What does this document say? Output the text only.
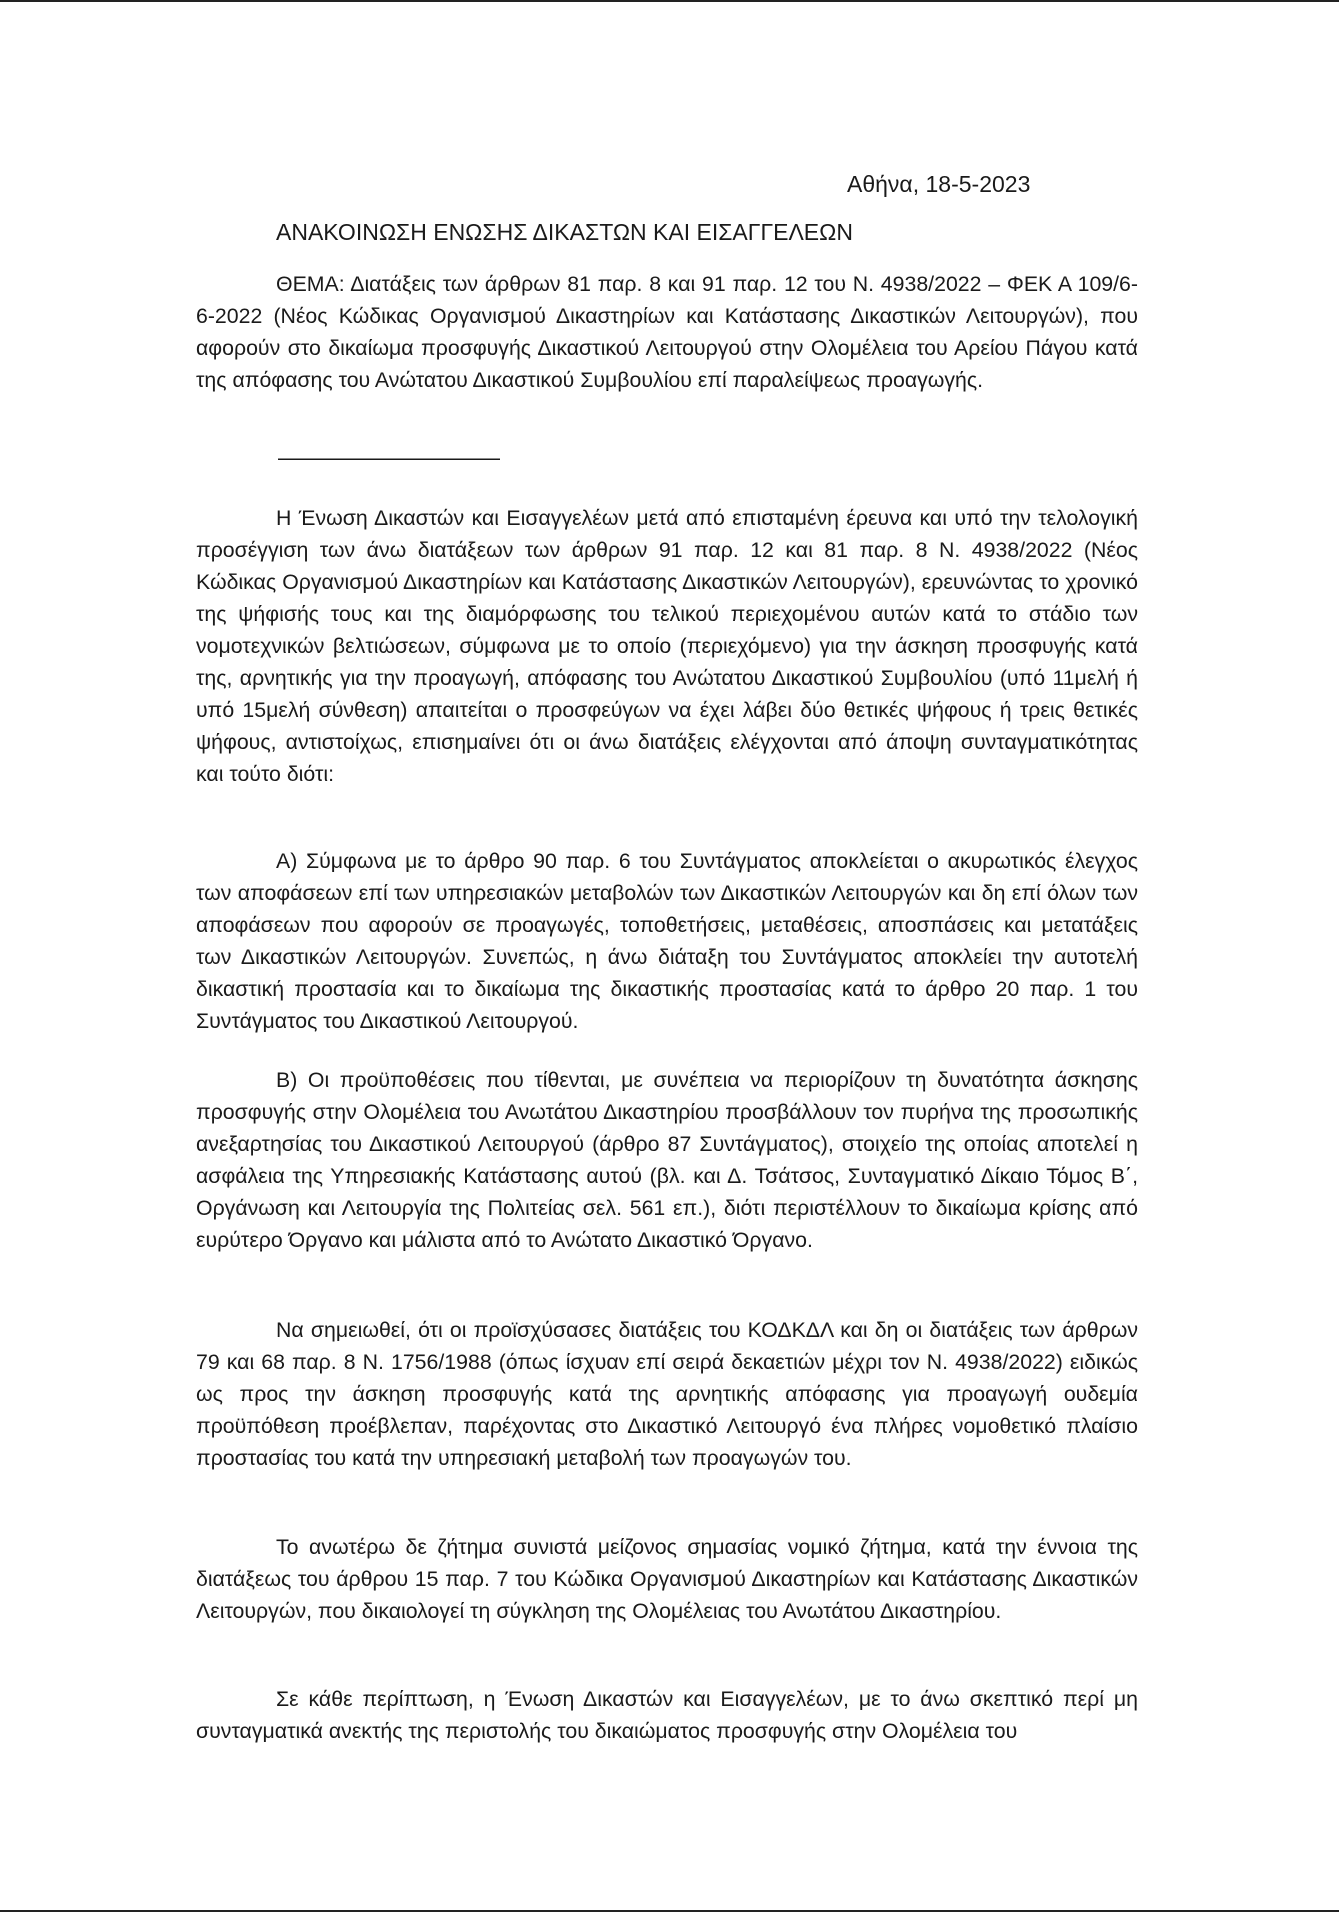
Αθήνα, 18-5-2023
ΑΝΑΚΟΙΝΩΣΗ ΕΝΩΣΗΣ ΔΙΚΑΣΤΩΝ ΚΑΙ ΕΙΣΑΓΓΕΛΕΩΝ

ΘΕΜΑ: Διατάξεις των άρθρων 81 παρ. 8 και 91 παρ. 12 του Ν. 4938/2022 – ΦΕΚ Α 109/6-6-2022 (Νέος Κώδικας Οργανισμού Δικαστηρίων και Κατάστασης Δικαστικών Λειτουργών), που αφορούν στο δικαίωμα προσφυγής Δικαστικού Λειτουργού στην Ολομέλεια του Αρείου Πάγου κατά της απόφασης του Ανώτατου Δικαστικού Συμβουλίου επί παραλείψεως προαγωγής.

———————————

Η Ένωση Δικαστών και Εισαγγελέων μετά από επισταμένη έρευνα και υπό την τελολογική προσέγγιση των άνω διατάξεων των άρθρων 91 παρ. 12 και 81 παρ. 8 Ν. 4938/2022 (Νέος Κώδικας Οργανισμού Δικαστηρίων και Κατάστασης Δικαστικών Λειτουργών), ερευνώντας το χρονικό της ψήφισής τους και της διαμόρφωσης του τελικού περιεχομένου αυτών κατά το στάδιο των νομοτεχνικών βελτιώσεων, σύμφωνα με το οποίο (περιεχόμενο) για την άσκηση προσφυγής κατά της, αρνητικής για την προαγωγή, απόφασης του Ανώτατου Δικαστικού Συμβουλίου (υπό 11μελή ή υπό 15μελή σύνθεση) απαιτείται ο προσφεύγων να έχει λάβει δύο θετικές ψήφους ή τρεις θετικές ψήφους, αντιστοίχως, επισημαίνει ότι οι άνω διατάξεις ελέγχονται από άποψη συνταγματικότητας και τούτο διότι:

Α) Σύμφωνα με το άρθρο 90 παρ. 6 του Συντάγματος αποκλείεται ο ακυρωτικός έλεγχος των αποφάσεων επί των υπηρεσιακών μεταβολών των Δικαστικών Λειτουργών και δη επί όλων των αποφάσεων που αφορούν σε προαγωγές, τοποθετήσεις, μεταθέσεις, αποσπάσεις και μετατάξεις των Δικαστικών Λειτουργών. Συνεπώς, η άνω διάταξη του Συντάγματος αποκλείει την αυτοτελή δικαστική προστασία και το δικαίωμα της δικαστικής προστασίας κατά το άρθρο 20 παρ. 1 του Συντάγματος του Δικαστικού Λειτουργού.

Β) Οι προϋποθέσεις που τίθενται, με συνέπεια να περιορίζουν τη δυνατότητα άσκησης προσφυγής στην Ολομέλεια του Ανωτάτου Δικαστηρίου προσβάλλουν τον πυρήνα της προσωπικής ανεξαρτησίας του Δικαστικού Λειτουργού (άρθρο 87 Συντάγματος), στοιχείο της οποίας αποτελεί η ασφάλεια της Υπηρεσιακής Κατάστασης αυτού (βλ. και Δ. Τσάτσος, Συνταγματικό Δίκαιο Τόμος Β΄, Οργάνωση και Λειτουργία της Πολιτείας σελ. 561 επ.), διότι περιστέλλουν το δικαίωμα κρίσης από ευρύτερο Όργανο και μάλιστα από το Ανώτατο Δικαστικό Όργανο.

Να σημειωθεί, ότι οι προϊσχύσασες διατάξεις του ΚΟΔΚΔΛ και δη οι διατάξεις των άρθρων 79 και 68 παρ. 8 Ν. 1756/1988 (όπως ίσχυαν επί σειρά δεκαετιών μέχρι τον Ν. 4938/2022) ειδικώς ως προς την άσκηση προσφυγής κατά της αρνητικής απόφασης για προαγωγή ουδεμία προϋπόθεση προέβλεπαν, παρέχοντας στο Δικαστικό Λειτουργό ένα πλήρες νομοθετικό πλαίσιο προστασίας του κατά την υπηρεσιακή μεταβολή των προαγωγών του.

Το ανωτέρω δε ζήτημα συνιστά μείζονος σημασίας νομικό ζήτημα, κατά την έννοια της διατάξεως του άρθρου 15 παρ. 7 του Κώδικα Οργανισμού Δικαστηρίων και Κατάστασης Δικαστικών Λειτουργών, που δικαιολογεί τη σύγκληση της Ολομέλειας του Ανωτάτου Δικαστηρίου.

Σε κάθε περίπτωση, η Ένωση Δικαστών και Εισαγγελέων, με το άνω σκεπτικό περί μη συνταγματικά ανεκτής της περιστολής του δικαιώματος προσφυγής στην Ολομέλεια του
